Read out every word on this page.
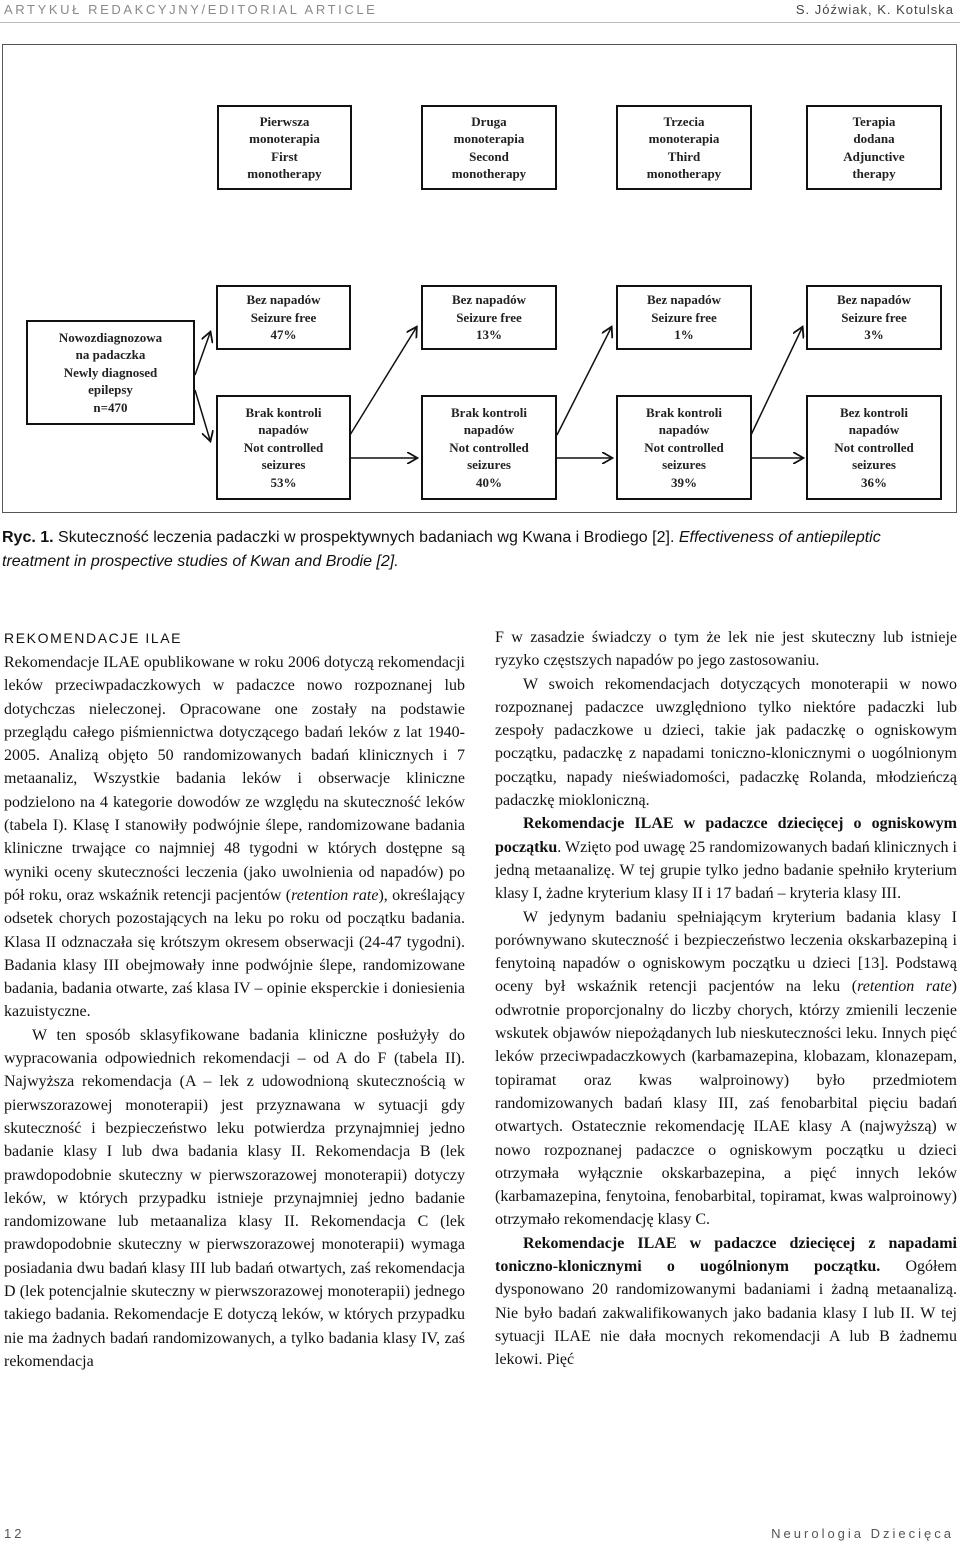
ARTYKUŁ REDAKCYJNY/EDITORIAL ARTICLE	S. Jóźwiak, K. Kotulska
Pierwsza
monoterapia
First
monotherapy
Druga
monoterapia
Second
monotherapy
Trzecia
monoterapia
Third
monotherapy
Terapia
dodana
Adjunctive
therapy
Nowozdiagnozowa
na padaczka
Newly diagnosed
epilepsy
n=470
Bez napadów
Seizure free
47%
Bez napadów
Seizure free
13%
Bez napadów
Seizure free
1%
Bez napadów
Seizure free
3%
Brak kontroli
napadów
Not controlled
seizures
53%
Brak kontroli
napadów
Not controlled
seizures
40%
Brak kontroli
napadów
Not controlled
seizures
39%
Bez kontroli
napadów
Not controlled
seizures
36%
Ryc. 1. Skuteczność leczenia padaczki w prospektywnych badaniach wg Kwana i Brodiego [2]. Effectiveness of antiepileptic treatment in prospective studies of Kwan and Brodie [2].
REKOMENDACJE ILAE

Rekomendacje ILAE opublikowane w roku 2006 dotyczą rekomendacji leków przeciwpadaczkowych w padaczce nowo rozpoznanej lub dotychczas nieleczonej. Opracowane one zostały na podstawie przeglądu całego piśmiennictwa dotyczącego badań leków z lat 1940- 2005. Analizą objęto 50 randomizowanych badań klinicznych i 7 metaanaliz, Wszystkie badania leków i obserwacje kliniczne podzielono na 4 kategorie dowodów ze względu na skuteczność leków (tabela I). Klasę I stanowiły podwójnie ślepe, randomizowane badania kliniczne trwające co najmniej 48 tygodni w których dostępne są wyniki oceny skuteczności leczenia (jako uwolnienia od napadów) po pół roku, oraz wskaźnik retencji pacjentów (retention rate), określający odsetek chorych pozostających na leku po roku od początku badania. Klasa II odznaczała się krótszym okresem obserwacji (24-47 tygodni). Badania klasy III obejmowały inne podwójnie ślepe, randomizowane badania, badania otwarte, zaś klasa IV – opinie eksperckie i doniesienia kazuistyczne.

W ten sposób sklasyfikowane badania kliniczne posłużyły do wypracowania odpowiednich rekomendacji – od A do F (tabela II). Najwyższa rekomendacja (A – lek z udowodnioną skutecznością w pierwszorazowej monoterapii) jest przyznawana w sytuacji gdy skuteczność i bezpieczeństwo leku potwierdza przynajmniej jedno badanie klasy I lub dwa badania klasy II. Rekomendacja B (lek prawdopodobnie skuteczny w pierwszorazowej monoterapii) dotyczy leków, w których przypadku istnieje przynajmniej jedno badanie randomizowane lub metaanaliza klasy II. Rekomendacja C (lek prawdopodobnie skuteczny w pierwszorazowej monoterapii) wymaga posiadania dwu badań klasy III lub badań otwartych, zaś rekomendacja D (lek potencjalnie skuteczny w pierwszorazowej monoterapii) jednego takiego badania. Rekomendacje E dotyczą leków, w których przypadku nie ma żadnych badań randomizowanych, a tylko badania klasy IV, zaś rekomendacja

F w zasadzie świadczy o tym że lek nie jest skuteczny lub istnieje ryzyko częstszych napadów po jego zastosowaniu.

W swoich rekomendacjach dotyczących monoterapii w nowo rozpoznanej padaczce uwzględniono tylko niektóre padaczki lub zespoły padaczkowe u dzieci, takie jak padaczkę o ogniskowym początku, padaczkę z napadami toniczno-klonicznymi o uogólnionym początku, napady nieświadomości, padaczkę Rolanda, młodzieńczą padaczkę miokloniczną.

Rekomendacje ILAE w padaczce dziecięcej o ogniskowym początku. Wzięto pod uwagę 25 randomizowanych badań klinicznych i jedną metaanalizę. W tej grupie tylko jedno badanie spełniło kryterium klasy I, żadne kryterium klasy II i 17 badań – kryteria klasy III.

W jedynym badaniu spełniającym kryterium badania klasy I porównywano skuteczność i bezpieczeństwo leczenia okskarbazepiną i fenytoiną napadów o ogniskowym początku u dzieci [13]. Podstawą oceny był wskaźnik retencji pacjentów na leku (retention rate) odwrotnie proporcjonalny do liczby chorych, którzy zmienili leczenie wskutek objawów niepożądanych lub nieskuteczności leku. Innych pięć leków przeciwpadaczkowych (karbamazepina, klobazam, klonazepam, topiramat oraz kwas walproinowy) było przedmiotem randomizowanych badań klasy III, zaś fenobarbital pięciu badań otwartych. Ostatecznie rekomendację ILAE klasy A (najwyższą) w nowo rozpoznanej padaczce o ogniskowym początku u dzieci otrzymała wyłącznie okskarbazepina, a pięć innych leków (karbamazepina, fenytoina, fenobarbital, topiramat, kwas walproinowy) otrzymało rekomendację klasy C.

Rekomendacje ILAE w padaczce dziecięcej z napadami toniczno-klonicznymi o uogólnionym początku. Ogółem dysponowano 20 randomizowanymi badaniami i żadną metaanalizą. Nie było badań zakwalifikowanych jako badania klasy I lub II. W tej sytuacji ILAE nie dała mocnych rekomendacji A lub B żadnemu lekowi. Pięć

12	Neurologia Dziecięca
